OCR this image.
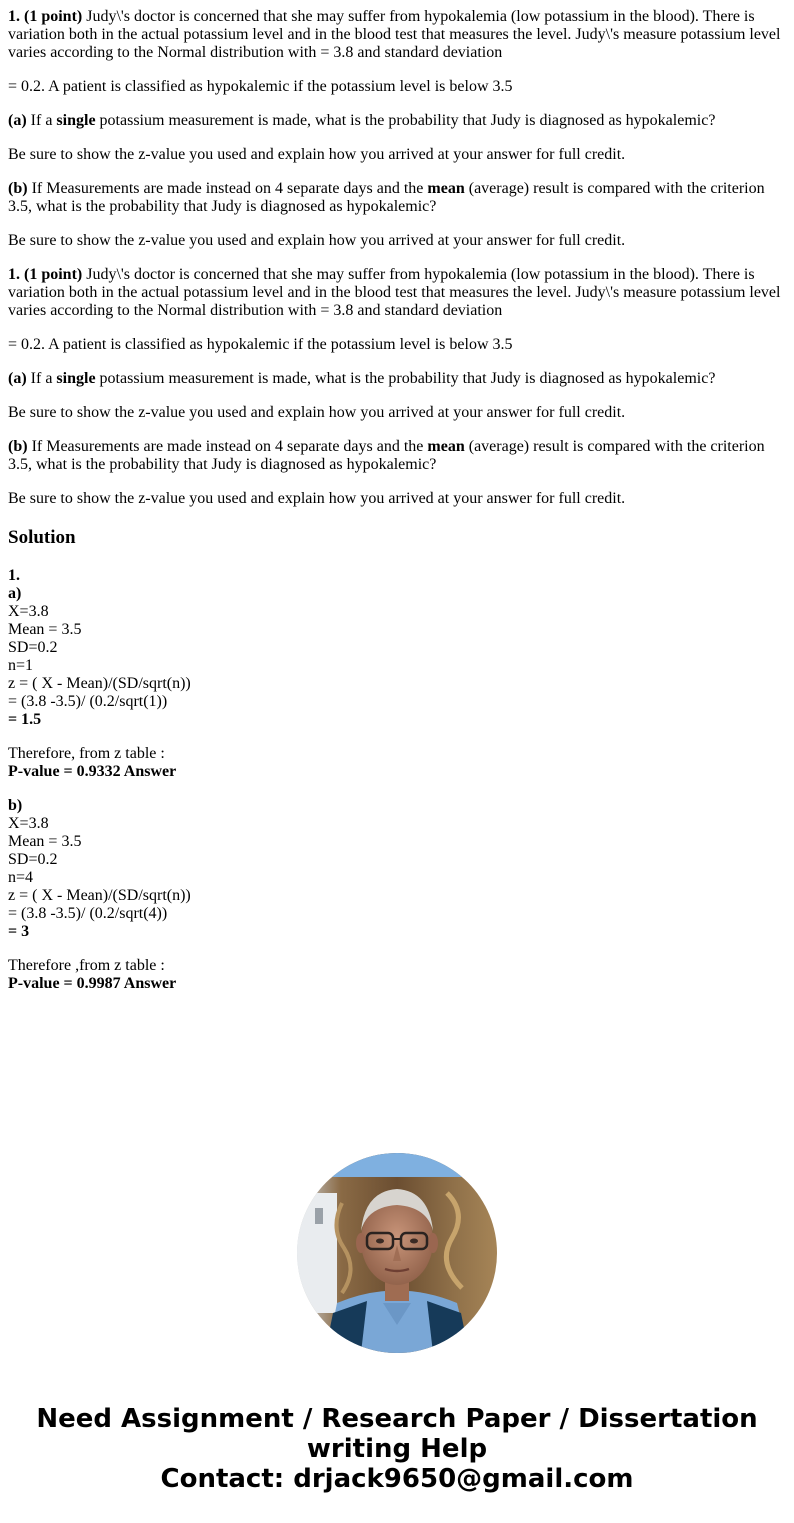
1. (1 point) Judy\'s doctor is concerned that she may suffer from hypokalemia (low potassium in the blood). There is variation both in the actual potassium level and in the blood test that measures the level. Judy\'s measure potassium level varies according to the Normal distribution with = 3.8 and standard deviation

= 0.2. A patient is classified as hypokalemic if the potassium level is below 3.5

(a) If a single potassium measurement is made, what is the probability that Judy is diagnosed as hypokalemic?

Be sure to show the z-value you used and explain how you arrived at your answer for full credit.

(b) If Measurements are made instead on 4 separate days and the mean (average) result is compared with the criterion 3.5, what is the probability that Judy is diagnosed as hypokalemic?

Be sure to show the z-value you used and explain how you arrived at your answer for full credit.

1. (1 point) Judy\'s doctor is concerned that she may suffer from hypokalemia (low potassium in the blood). There is variation both in the actual potassium level and in the blood test that measures the level. Judy\'s measure potassium level varies according to the Normal distribution with = 3.8 and standard deviation

= 0.2. A patient is classified as hypokalemic if the potassium level is below 3.5

(a) If a single potassium measurement is made, what is the probability that Judy is diagnosed as hypokalemic?

Be sure to show the z-value you used and explain how you arrived at your answer for full credit.

(b) If Measurements are made instead on 4 separate days and the mean (average) result is compared with the criterion 3.5, what is the probability that Judy is diagnosed as hypokalemic?

Be sure to show the z-value you used and explain how you arrived at your answer for full credit.

Solution

1.
a)
X=3.8
Mean = 3.5
SD=0.2
n=1
z = ( X - Mean)/(SD/sqrt(n))
= (3.8 -3.5)/ (0.2/sqrt(1))
= 1.5

Therefore, from z table :
P-value = 0.9332 Answer

b)
X=3.8
Mean = 3.5
SD=0.2
n=4
z = ( X - Mean)/(SD/sqrt(n))
= (3.8 -3.5)/ (0.2/sqrt(4))
= 3

Therefore ,from z table :
P-value = 0.9987 Answer

Need Assignment / Research Paper / Dissertation
writing Help
Contact: drjack9650@gmail.com
